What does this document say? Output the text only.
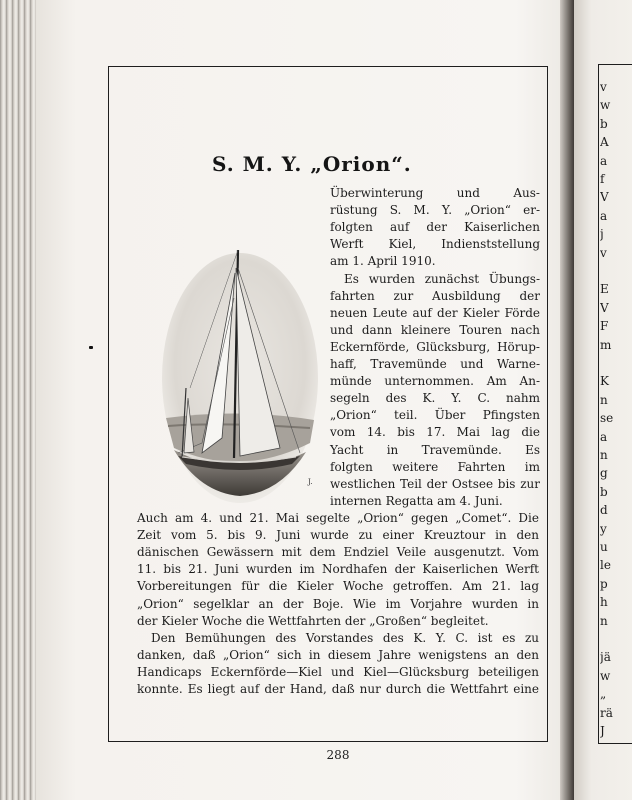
v
w
b
A
a
f
V
a
j
v
E
V
F
m
K
n
se
a
n
g
b
d
y
u
le
p
h
n
jä
w
„
rä
J
S. M. Y. „Orion“.
Überwinterung und Aus-
rüstung S. M. Y. „Orion“ er-
folgten auf der Kaiserlichen
Werft Kiel, Indienststellung
am 1. April 1910.
Es wurden zunächst Übungs-
fahrten zur Ausbildung der
neuen Leute auf der Kieler Förde
und dann kleinere Touren nach
Eckernförde, Glücksburg, Hörup-
haff, Travemünde und Warne-
münde unternommen. Am An-
segeln des K. Y. C. nahm
„Orion“ teil. Über Pfingsten
vom 14. bis 17. Mai lag die
Yacht in Travemünde. Es
folgten weitere Fahrten im
westlichen Teil der Ostsee bis zur
internen Regatta am 4. Juni.
Auch am 4. und 21. Mai segelte „Orion“ gegen „Comet“. Die
Zeit vom 5. bis 9. Juni wurde zu einer Kreuztour in den
dänischen Gewässern mit dem Endziel Veile ausgenutzt. Vom
11. bis 21. Juni wurden im Nordhafen der Kaiserlichen Werft
Vorbereitungen für die Kieler Woche getroffen. Am 21. lag
„Orion“ segelklar an der Boje. Wie im Vorjahre wurden in
der Kieler Woche die Wettfahrten der „Großen“ begleitet.
Den Bemühungen des Vorstandes des K. Y. C. ist es zu
danken, daß „Orion“ sich in diesem Jahre wenigstens an den
Handicaps Eckernförde—Kiel und Kiel—Glücksburg beteiligen
konnte. Es liegt auf der Hand, daß nur durch die Wettfahrt eine
J.
288
